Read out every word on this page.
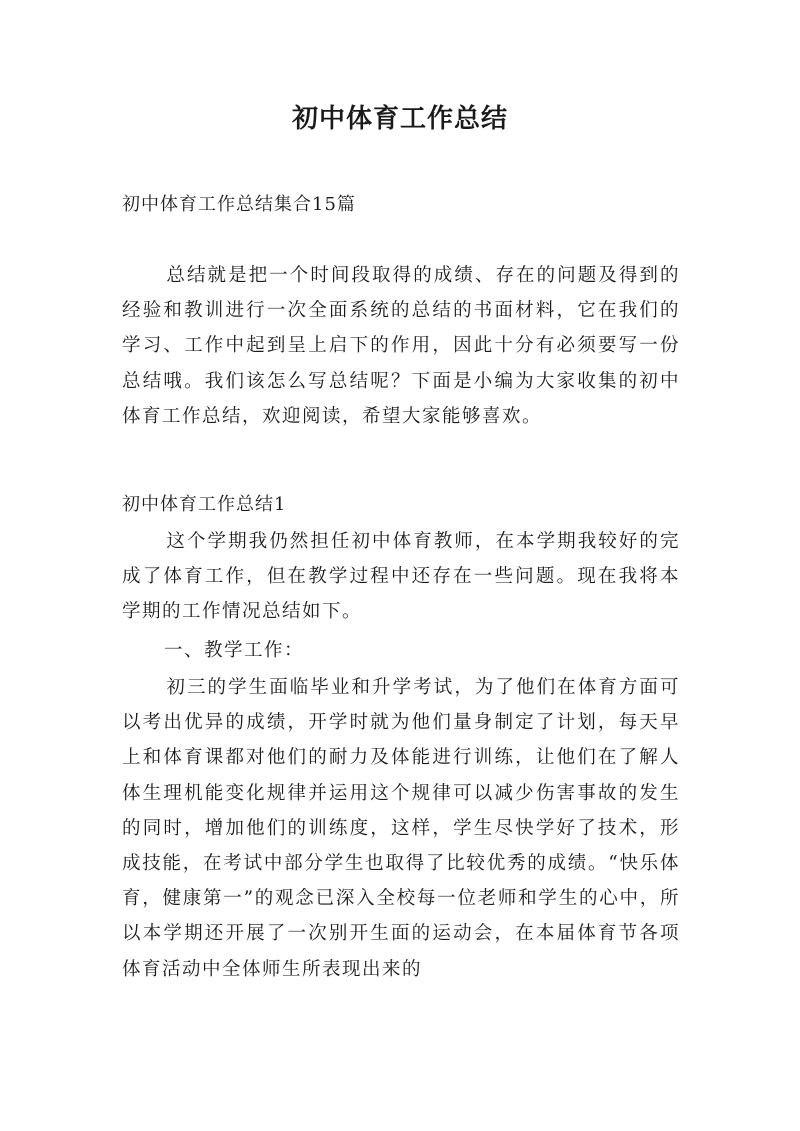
初中体育工作总结

初中体育工作总结集合15篇

总结就是把一个时间段取得的成绩、存在的问题及得到的经验和教训进行一次全面系统的总结的书面材料，它在我们的学习、工作中起到呈上启下的作用，因此十分有必须要写一份总结哦。我们该怎么写总结呢？下面是小编为大家收集的初中体育工作总结，欢迎阅读，希望大家能够喜欢。

初中体育工作总结1

这个学期我仍然担任初中体育教师，在本学期我较好的完成了体育工作，但在教学过程中还存在一些问题。现在我将本学期的工作情况总结如下。

一、教学工作：

初三的学生面临毕业和升学考试，为了他们在体育方面可以考出优异的成绩，开学时就为他们量身制定了计划，每天早上和体育课都对他们的耐力及体能进行训练，让他们在了解人体生理机能变化规律并运用这个规律可以减少伤害事故的发生的同时，增加他们的训练度，这样，学生尽快学好了技术，形成技能，在考试中部分学生也取得了比较优秀的成绩。“快乐体育，健康第一”的观念已深入全校每一位老师和学生的心中，所以本学期还开展了一次别开生面的运动会，在本届体育节各项体育活动中全体师生所表现出来的
